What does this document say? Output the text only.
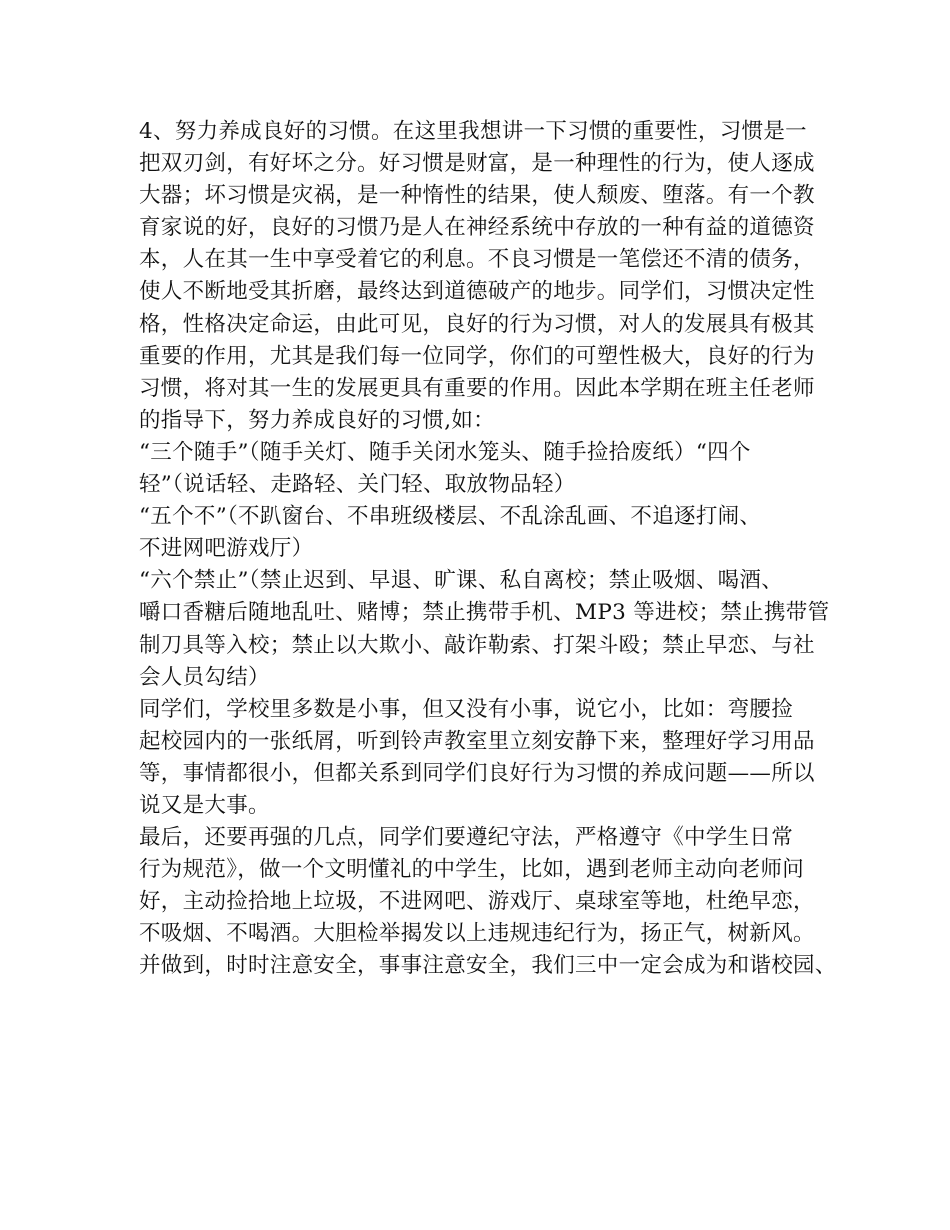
4、努力养成良好的习惯。在这里我想讲一下习惯的重要性，习惯是一
把双刃剑，有好坏之分。好习惯是财富，是一种理性的行为，使人逐成
大器；坏习惯是灾祸，是一种惰性的结果，使人颓废、堕落。有一个教
育家说的好，良好的习惯乃是人在神经系统中存放的一种有益的道德资
本，人在其一生中享受着它的利息。不良习惯是一笔偿还不清的债务，
使人不断地受其折磨，最终达到道德破产的地步。同学们，习惯决定性
格，性格决定命运，由此可见，良好的行为习惯，对人的发展具有极其
重要的作用，尤其是我们每一位同学，你们的可塑性极大，良好的行为
习惯，将对其一生的发展更具有重要的作用。因此本学期在班主任老师
的指导下，努力养成良好的习惯,如：
“三个随手”（随手关灯、随手关闭水笼头、随手捡拾废纸）“四个
轻”（说话轻、走路轻、关门轻、取放物品轻）
“五个不”（不趴窗台、不串班级楼层、不乱涂乱画、不追逐打闹、
不进网吧游戏厅）
“六个禁止”（禁止迟到、早退、旷课、私自离校；禁止吸烟、喝酒、
嚼口香糖后随地乱吐、赌博；禁止携带手机、MP3 等进校；禁止携带管
制刀具等入校；禁止以大欺小、敲诈勒索、打架斗殴；禁止早恋、与社
会人员勾结）
同学们，学校里多数是小事，但又没有小事，说它小，比如：弯腰捡
起校园内的一张纸屑，听到铃声教室里立刻安静下来，整理好学习用品
等，事情都很小，但都关系到同学们良好行为习惯的养成问题——所以
说又是大事。
最后，还要再强的几点，同学们要遵纪守法，严格遵守《中学生日常
行为规范》，做一个文明懂礼的中学生，比如，遇到老师主动向老师问
好，主动捡拾地上垃圾，不进网吧、游戏厅、桌球室等地，杜绝早恋，
不吸烟、不喝酒。大胆检举揭发以上违规违纪行为，扬正气，树新风。
并做到，时时注意安全，事事注意安全，我们三中一定会成为和谐校园、
